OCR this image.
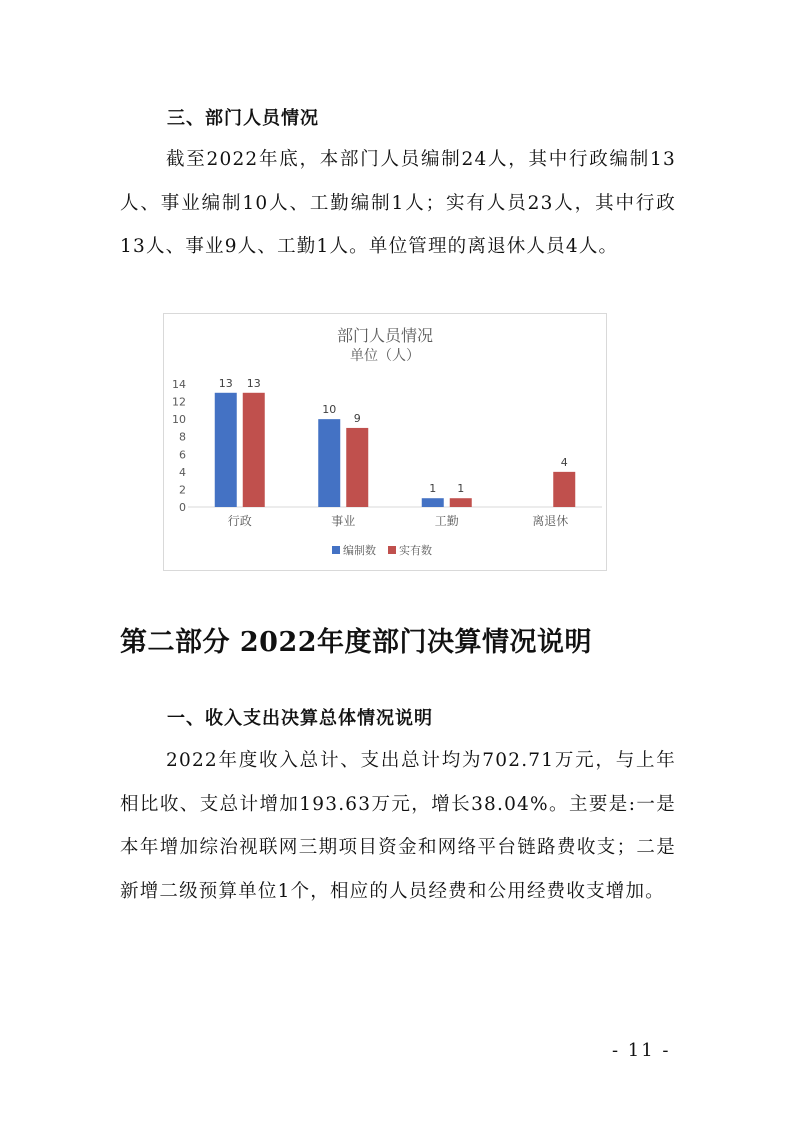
三、部门人员情况

截至2022年底，本部门人员编制24人，其中行政编制13人、事业编制10人、工勤编制1人；实有人员23人，其中行政13人、事业9人、工勤1人。单位管理的离退休人员4人。

部门人员情况
单位（人）
0
2
4
6
8
10
12
14
行政
13 13
事业
10
9
工勤
1 1
离退休
4
编制数 实有数
第二部分 2022年度部门决算情况说明
一、收入支出决算总体情况说明

2022年度收入总计、支出总计均为702.71万元，与上年相比收、支总计增加193.63万元，增长38.04%。主要是:一是本年增加综治视联网三期项目资金和网络平台链路费收支；二是新增二级预算单位1个，相应的人员经费和公用经费收支增加。

- 11 -
